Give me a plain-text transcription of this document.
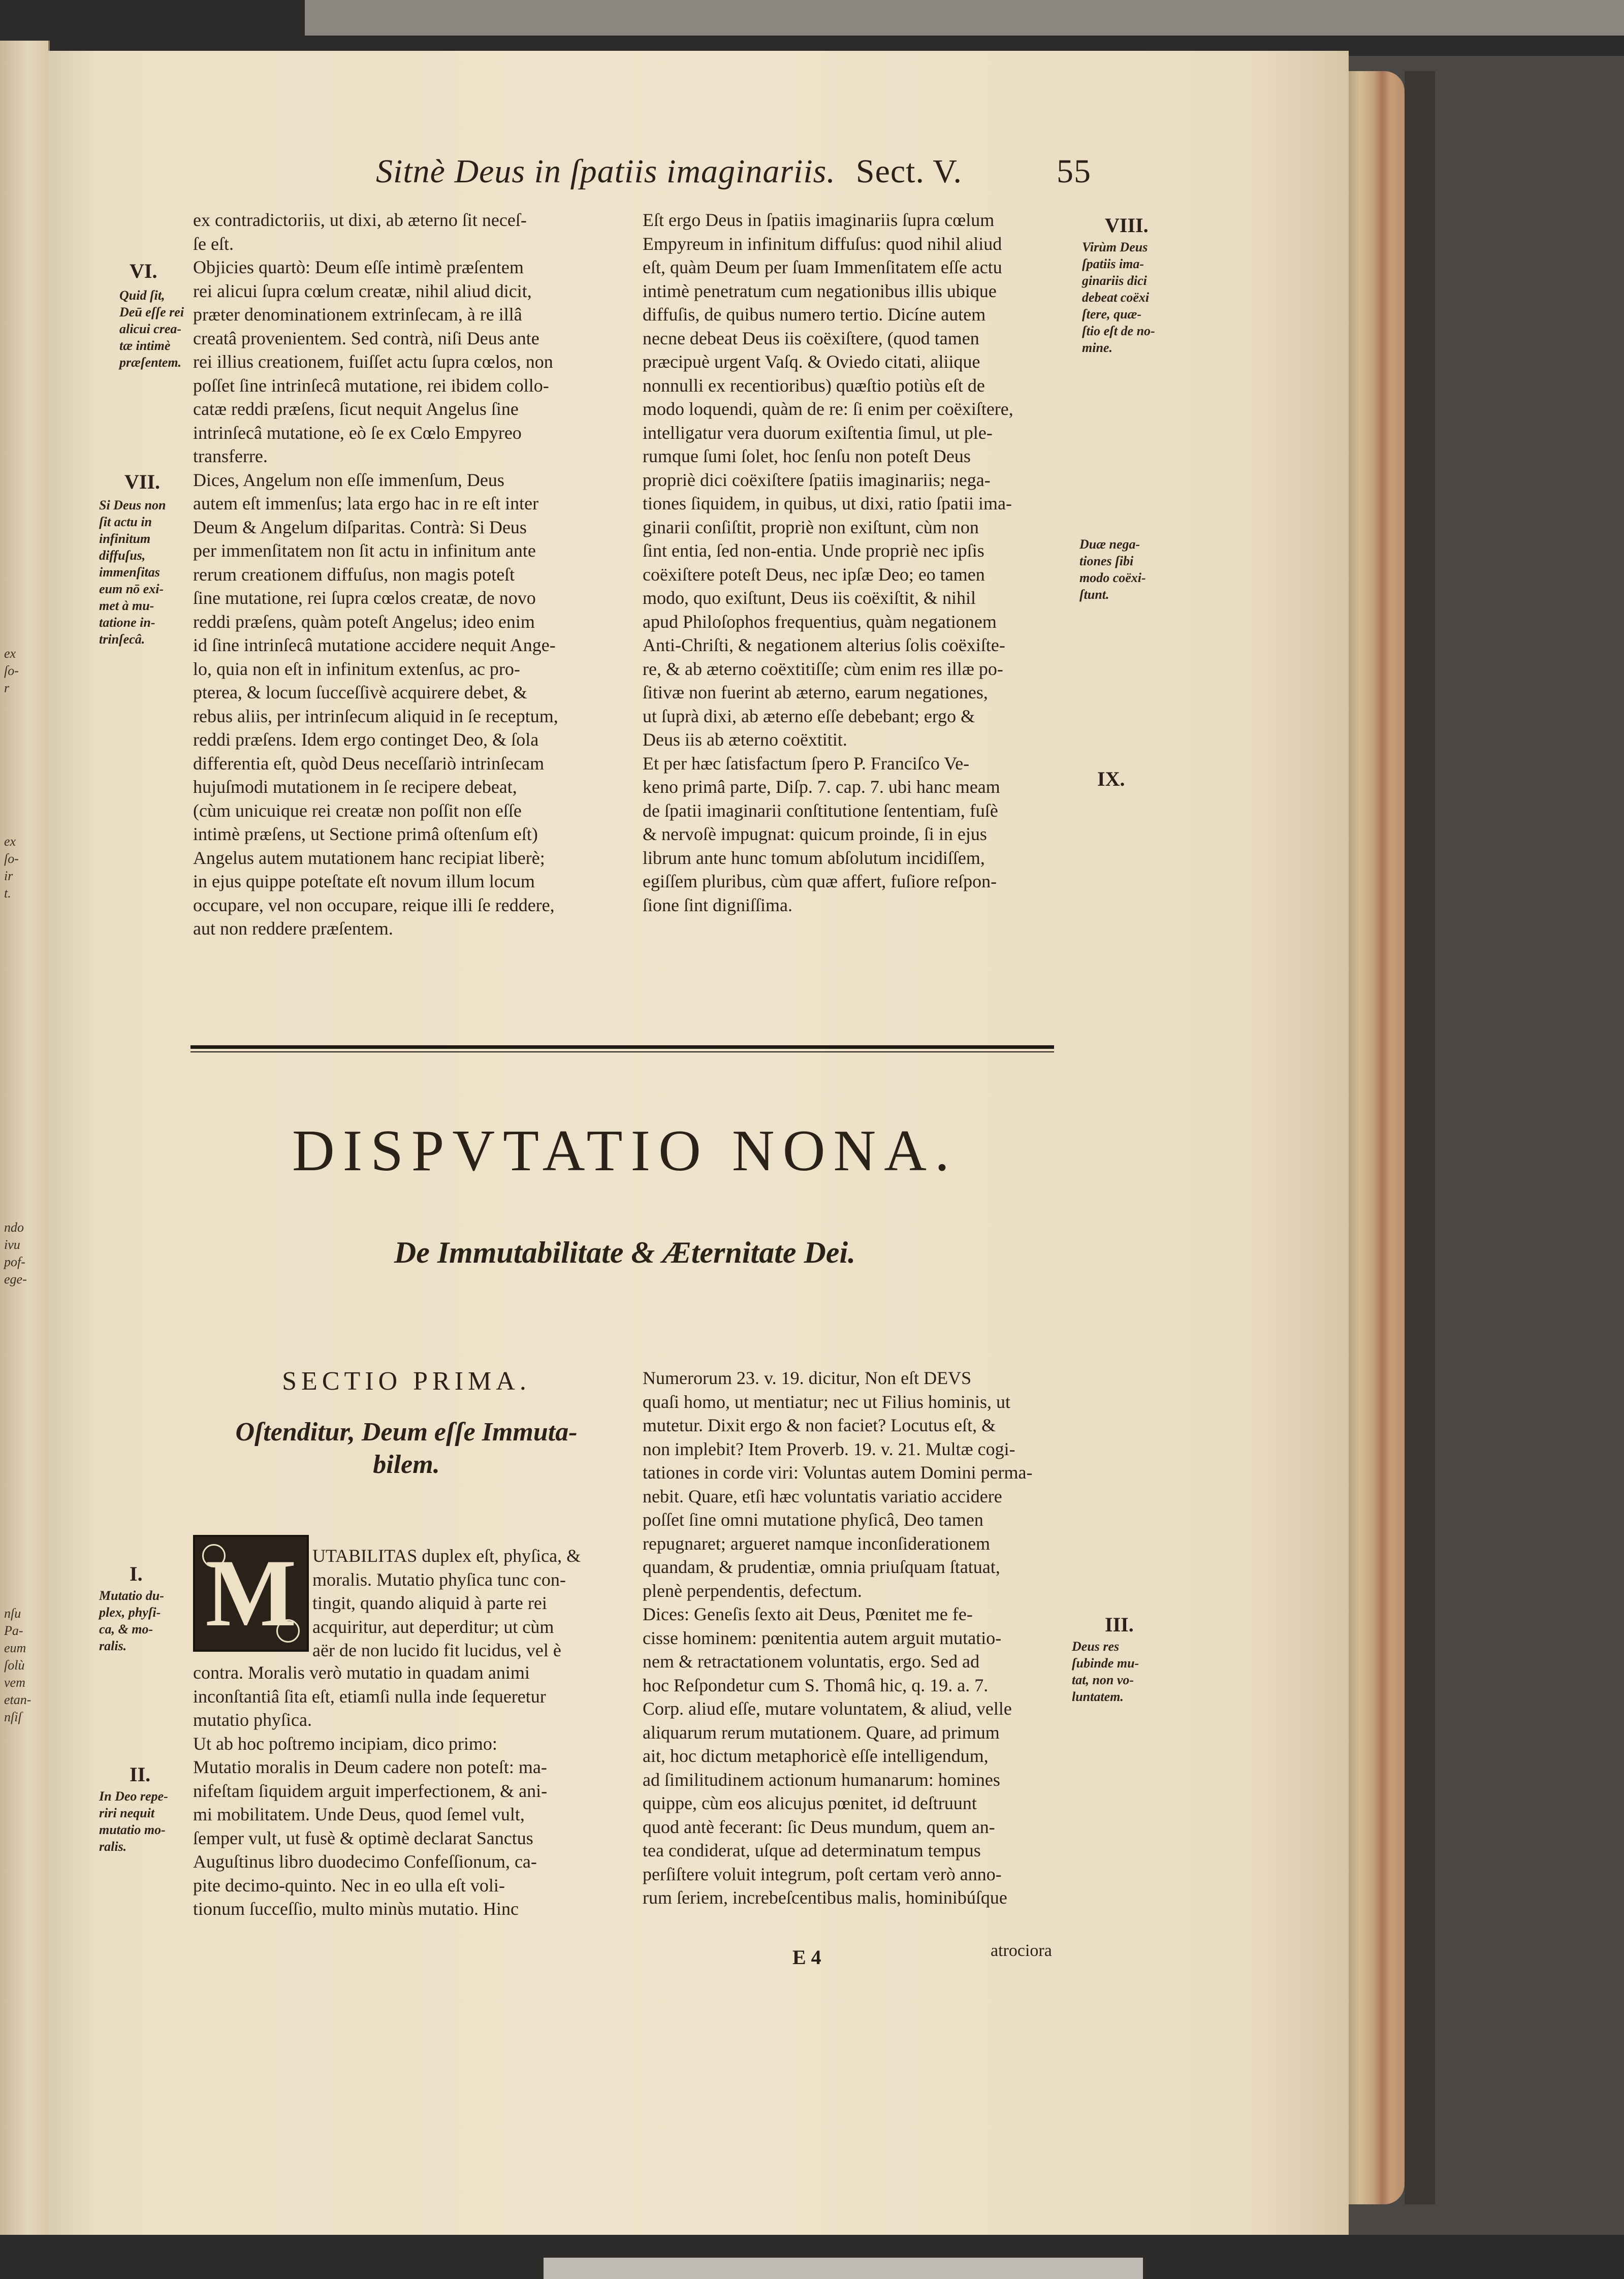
ex
ſo-
r
ex
ſo-
ir
t.
ndo
ivu
pof-
ege-
nſu
Pa-
eum
ſolù
vem
etan-
nſiſ
Sitnè Deus in ſpatiis imaginariis. Sect. V.	55
ex contradictoriis, ut dixi, ab æterno ſit neceſ-
ſe eſt.
Objicies quartò: Deum eſſe intimè præſentem
rei alicui ſupra cœlum creatæ, nihil aliud dicit,
præter denominationem extrinſecam, à re illâ
creatâ provenientem. Sed contrà, niſi Deus ante
rei illius creationem, fuiſſet actu ſupra cœlos, non
poſſet ſine intrinſecâ mutatione, rei ibidem collo-
catæ reddi præſens, ſicut nequit Angelus ſine
intrinſecâ mutatione, eò ſe ex Cœlo Empyreo
transferre.
Dices, Angelum non eſſe immenſum, Deus
autem eſt immenſus; lata ergo hac in re eſt inter
Deum & Angelum diſparitas. Contrà: Si Deus
per immenſitatem non ſit actu in infinitum ante
rerum creationem diffuſus, non magis poteſt
ſine mutatione, rei ſupra cœlos creatæ, de novo
reddi præſens, quàm poteſt Angelus; ideo enim
id ſine intrinſecâ mutatione accidere nequit Ange-
lo, quia non eſt in infinitum extenſus, ac pro-
pterea, & locum ſucceſſivè acquirere debet, &
rebus aliis, per intrinſecum aliquid in ſe receptum,
reddi præſens. Idem ergo continget Deo, & ſola
differentia eſt, quòd Deus neceſſariò intrinſecam
hujuſmodi mutationem in ſe recipere debeat,
(cùm unicuique rei creatæ non poſſit non eſſe
intimè præſens, ut Sectione primâ oſtenſum eſt)
Angelus autem mutationem hanc recipiat liberè;
in ejus quippe poteſtate eſt novum illum locum
occupare, vel non occupare, reique illi ſe reddere,
aut non reddere præſentem.
Eſt ergo Deus in ſpatiis imaginariis ſupra cœlum
Empyreum in infinitum diffuſus: quod nihil aliud
eſt, quàm Deum per ſuam Immenſitatem eſſe actu
intimè penetratum cum negationibus illis ubique
diffuſis, de quibus numero tertio. Dicíne autem
necne debeat Deus iis coëxiſtere, (quod tamen
præcipuè urgent Vaſq. & Oviedo citati, aliique
nonnulli ex recentioribus) quæſtio potiùs eſt de
modo loquendi, quàm de re: ſi enim per coëxiſtere,
intelligatur vera duorum exiſtentia ſimul, ut ple-
rumque ſumi ſolet, hoc ſenſu non poteſt Deus
propriè dici coëxiſtere ſpatiis imaginariis; nega-
tiones ſiquidem, in quibus, ut dixi, ratio ſpatii ima-
ginarii conſiſtit, propriè non exiſtunt, cùm non
ſint entia, ſed non-entia. Unde propriè nec ipſis
coëxiſtere poteſt Deus, nec ipſæ Deo; eo tamen
modo, quo exiſtunt, Deus iis coëxiſtit, & nihil
apud Philoſophos frequentius, quàm negationem
Anti-Chriſti, & negationem alterius ſolis coëxiſte-
re, & ab æterno coëxtitiſſe; cùm enim res illæ po-
ſitivæ non fuerint ab æterno, earum negationes,
ut ſuprà dixi, ab æterno eſſe debebant; ergo &
Deus iis ab æterno coëxtitit.
Et per hæc ſatisfactum ſpero P. Franciſco Ve-
keno primâ parte, Diſp. 7. cap. 7. ubi hanc meam
de ſpatii imaginarii conſtitutione ſententiam, fuſè
& nervoſè impugnat: quicum proinde, ſi in ejus
librum ante hunc tomum abſolutum incidiſſem,
egiſſem pluribus, cùm quæ affert, fuſiore reſpon-
ſione ſint digniſſima.
VI.
Quid ſit,
Deū eſſe rei
alicui crea-
tæ intimè
præſentem.
VII.
Si Deus non
ſit actu in
infinitum
diffuſus,
immenſitas
eum nō exi-
met à mu-
tatione in-
trinſecâ.
VIII.
Virùm Deus
ſpatiis ima-
ginariis dici
debeat coëxi
ſtere, quæ-
ſtio eſt de no-
mine.
Duæ nega-
tiones ſibi
modo coëxi-
ſtunt.
IX.
DISPVTATIO NONA.
De Immutabilitate & Æternitate Dei.
SECTIO PRIMA.
Oſtenditur, Deum eſſe Immuta-
bilem.
M UTABILITAS duplex eſt, phyſica, &
moralis. Mutatio phyſica tunc con-
tingit, quando aliquid à parte rei
acquiritur, aut deperditur; ut cùm
aër de non lucido fit lucidus, vel è
contra. Moralis verò mutatio in quadam animi
inconſtantiâ ſita eſt, etiamſi nulla inde ſequeretur
mutatio phyſica.
Ut ab hoc poſtremo incipiam, dico primo:
Mutatio moralis in Deum cadere non poteſt: ma-
nifeſtam ſiquidem arguit imperfectionem, & ani-
mi mobilitatem. Unde Deus, quod ſemel vult,
ſemper vult, ut fusè & optimè declarat Sanctus
Auguſtinus libro duodecimo Confeſſionum, ca-
pite decimo-quinto. Nec in eo ulla eſt voli-
tionum ſucceſſio, multo minùs mutatio. Hinc
Numerorum 23. v. 19. dicitur, Non eſt DEVS
quaſi homo, ut mentiatur; nec ut Filius hominis, ut
mutetur. Dixit ergo & non faciet? Locutus eſt, &
non implebit? Item Proverb. 19. v. 21. Multæ cogi-
tationes in corde viri: Voluntas autem Domini perma-
nebit. Quare, etſi hæc voluntatis variatio accidere
poſſet ſine omni mutatione phyſicâ, Deo tamen
repugnaret; argueret namque inconſiderationem
quandam, & prudentiæ, omnia priuſquam ſtatuat,
plenè perpendentis, defectum.
Dices: Geneſis ſexto ait Deus, Pœnitet me fe-
cisse hominem: pœnitentia autem arguit mutatio-
nem & retractationem voluntatis, ergo. Sed ad
hoc Reſpondetur cum S. Thomâ hic, q. 19. a. 7.
Corp. aliud eſſe, mutare voluntatem, & aliud, velle
aliquarum rerum mutationem. Quare, ad primum
ait, hoc dictum metaphoricè eſſe intelligendum,
ad ſimilitudinem actionum humanarum: homines
quippe, cùm eos alicujus pœnitet, id deſtruunt
quod antè fecerant: ſic Deus mundum, quem an-
tea condiderat, uſque ad determinatum tempus
perſiſtere voluit integrum, poſt certam verò anno-
rum ſeriem, increbeſcentibus malis, hominibúſque
I.
Mutatio du-
plex, phyſi-
ca, & mo-
ralis.
II.
In Deo repe-
riri nequit
mutatio mo-
ralis.
III.
Deus res
ſubinde mu-
tat, non vo-
luntatem.
E 4	atrociora
